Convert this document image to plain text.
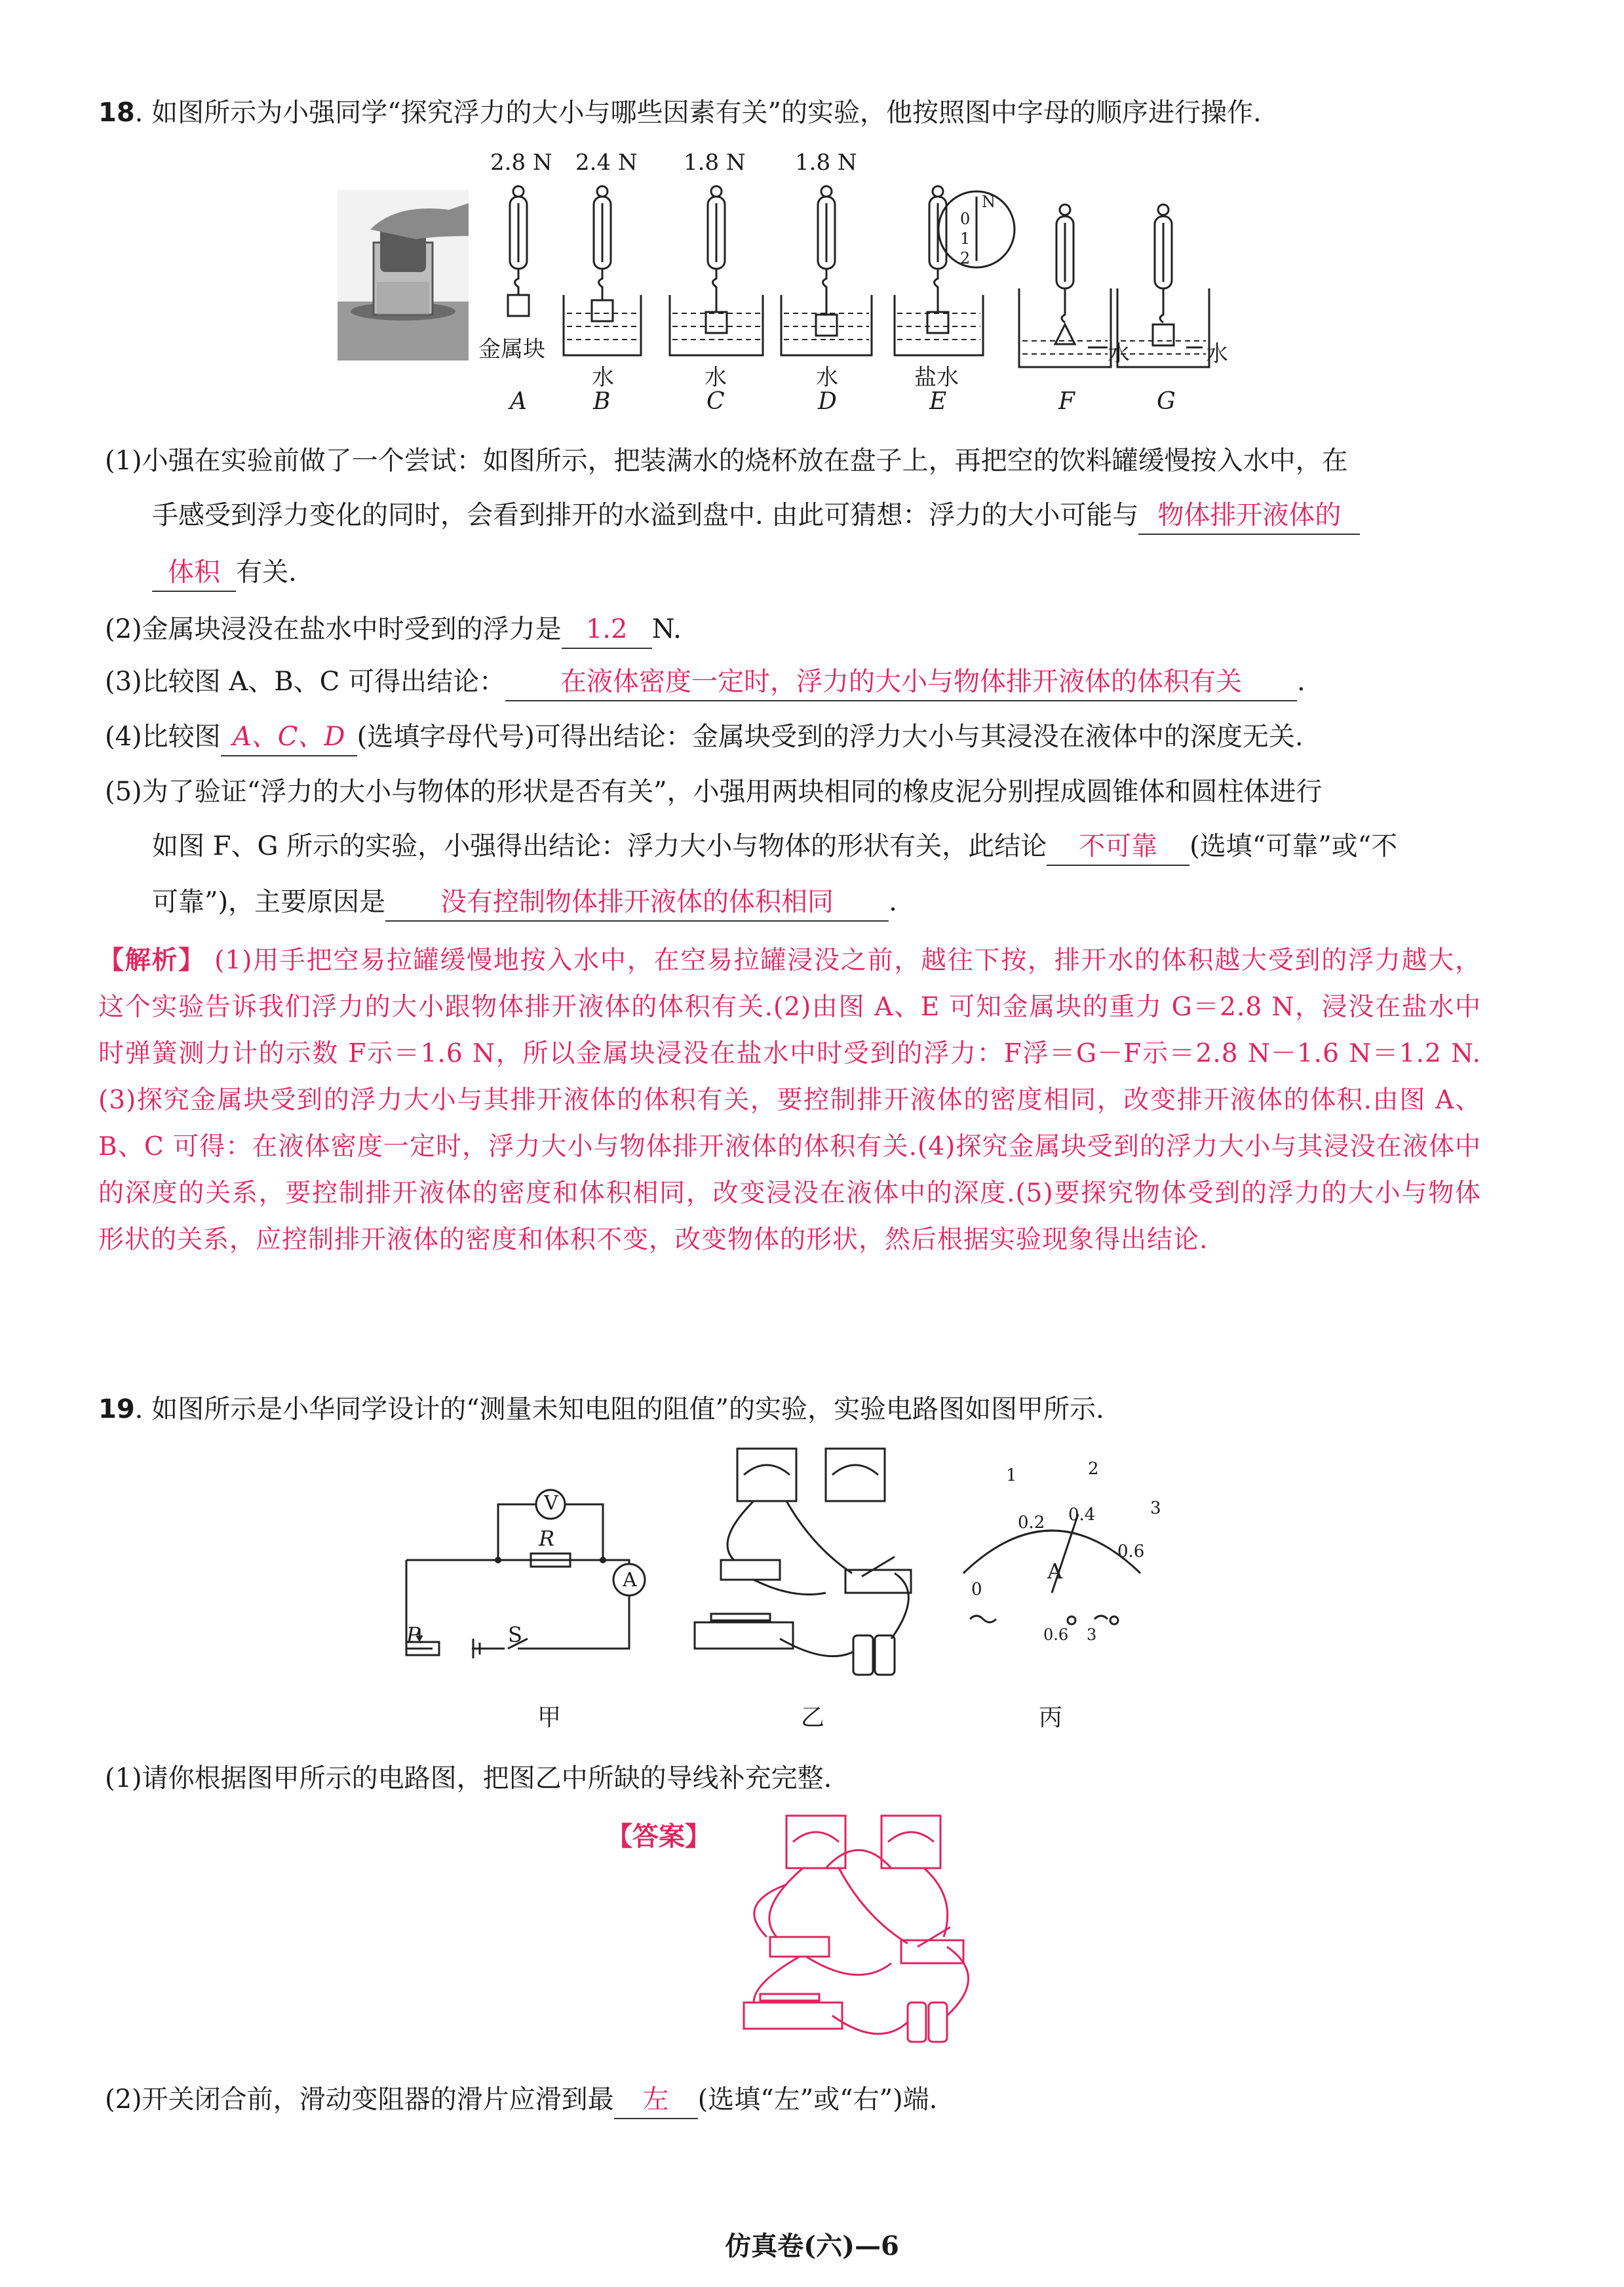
18. 如图所示为小强同学“探究浮力的大小与哪些因素有关”的实验，他按照图中字母的顺序进行操作.
2.8 N 2.4 N 1.8 N 1.8 N
N
0
1
2
金属块
水	水	水	盐水
水	水
A	B	C	D	E	F	G
(1)小强在实验前做了一个尝试：如图所示，把装满水的烧杯放在盘子上，再把空的饮料罐缓慢按入水中，在
手感受到浮力变化的同时，会看到排开的水溢到盘中. 由此可猜想：浮力的大小可能与 物体排开液体的
体积 有关.
(2)金属块浸没在盐水中时受到的浮力是 1.2 N.
(3)比较图 A、B、C 可得出结论： 在液体密度一定时，浮力的大小与物体排开液体的体积有关 .
(4)比较图 A、C、D (选填字母代号)可得出结论：金属块受到的浮力大小与其浸没在液体中的深度无关.
(5)为了验证“浮力的大小与物体的形状是否有关”，小强用两块相同的橡皮泥分别捏成圆锥体和圆柱体进行
如图 F、G 所示的实验，小强得出结论：浮力大小与物体的形状有关，此结论 不可靠 (选填“可靠”或“不
可靠”)，主要原因是 没有控制物体排开液体的体积相同 .
【解析】 (1)用手把空易拉罐缓慢地按入水中，在空易拉罐浸没之前，越往下按，排开水的体积越大受到的浮力越大，这个实验告诉我们浮力的大小跟物体排开液体的体积有关.(2)由图 A、E 可知金属块的重力 G＝2.8 N，浸没在盐水中时弹簧测力计的示数 F示＝1.6 N，所以金属块浸没在盐水中时受到的浮力：F浮＝G－F示＝2.8 N－1.6 N＝1.2 N.(3)探究金属块受到的浮力大小与其排开液体的体积有关，要控制排开液体的密度相同，改变排开液体的体积.由图 A、B、C 可得：在液体密度一定时，浮力大小与物体排开液体的体积有关.(4)探究金属块受到的浮力大小与其浸没在液体中的深度的关系，要控制排开液体的密度和体积相同，改变浸没在液体中的深度.(5)要探究物体受到的浮力的大小与物体形状的关系，应控制排开液体的密度和体积不变，改变物体的形状，然后根据实验现象得出结论.
19. 如图所示是小华同学设计的“测量未知电阻的阻值”的实验，实验电路图如图甲所示.
V
R
A
P	S
1	2
3
0
0.2 0.4
0.6
A
0.6 3
甲	乙	丙
(1)请你根据图甲所示的电路图，把图乙中所缺的导线补充完整.
【答案】
(2)开关闭合前，滑动变阻器的滑片应滑到最 左 (选填“左”或“右”)端.
仿真卷(六)—6
